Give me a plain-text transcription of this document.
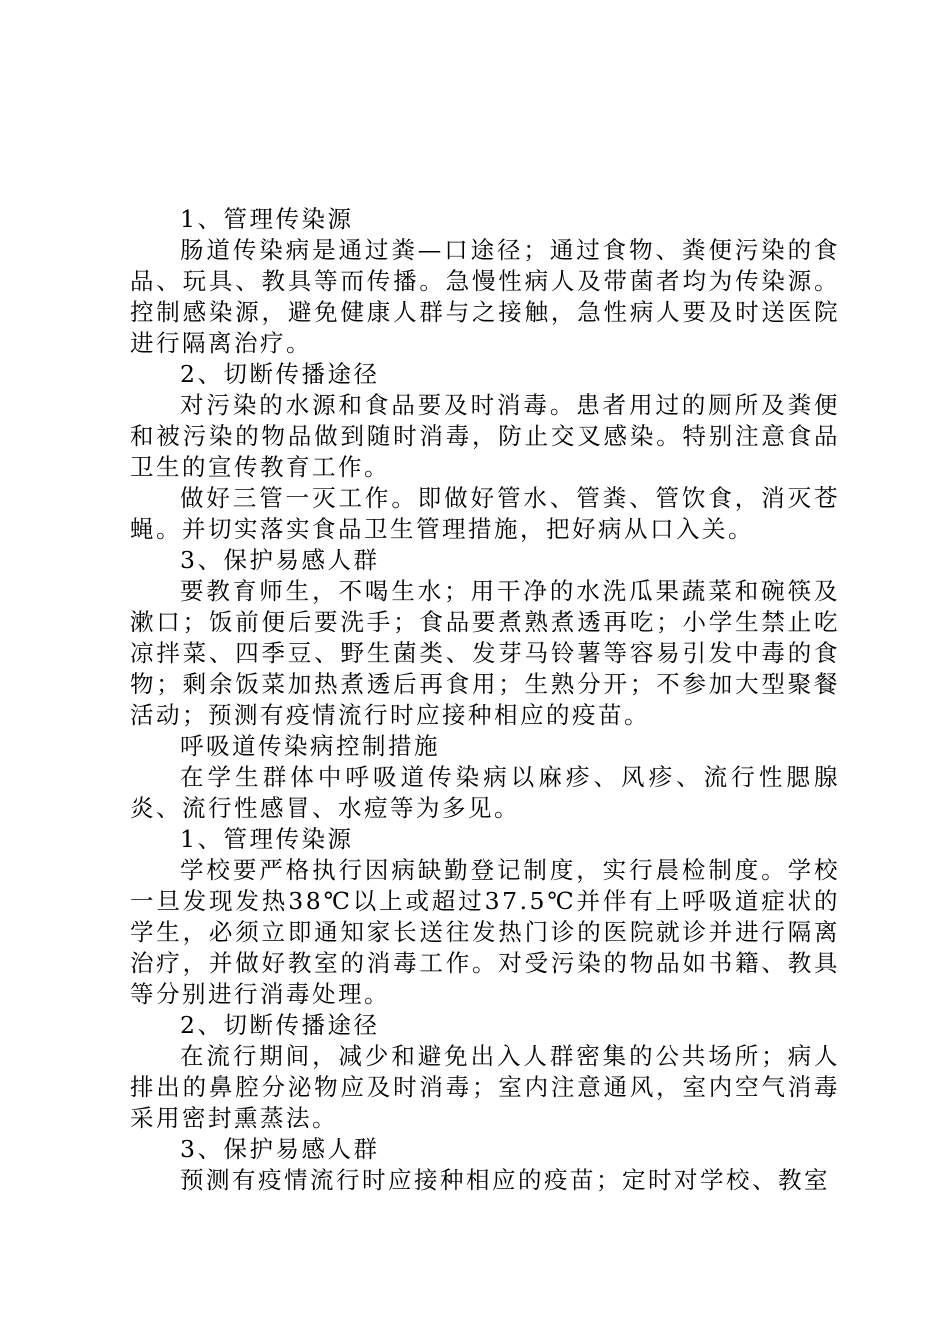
1、管理传染源

肠道传染病是通过粪—口途径；通过食物、粪便污染的食品、玩具、教具等而传播。急慢性病人及带菌者均为传染源。控制感染源，避免健康人群与之接触，急性病人要及时送医院进行隔离治疗。

2、切断传播途径

对污染的水源和食品要及时消毒。患者用过的厕所及粪便和被污染的物品做到随时消毒，防止交叉感染。特别注意食品卫生的宣传教育工作。

做好三管一灭工作。即做好管水、管粪、管饮食，消灭苍蝇。并切实落实食品卫生管理措施，把好病从口入关。

3、保护易感人群

要教育师生，不喝生水；用干净的水洗瓜果蔬菜和碗筷及漱口；饭前便后要洗手；食品要煮熟煮透再吃；小学生禁止吃凉拌菜、四季豆、野生菌类、发芽马铃薯等容易引发中毒的食物；剩余饭菜加热煮透后再食用；生熟分开；不参加大型聚餐活动；预测有疫情流行时应接种相应的疫苗。

呼吸道传染病控制措施

在学生群体中呼吸道传染病以麻疹、风疹、流行性腮腺炎、流行性感冒、水痘等为多见。

1、管理传染源

学校要严格执行因病缺勤登记制度，实行晨检制度。学校一旦发现发热38℃以上或超过37.5℃并伴有上呼吸道症状的学生，必须立即通知家长送往发热门诊的医院就诊并进行隔离治疗，并做好教室的消毒工作。对受污染的物品如书籍、教具等分别进行消毒处理。

2、切断传播途径

在流行期间，减少和避免出入人群密集的公共场所；病人排出的鼻腔分泌物应及时消毒；室内注意通风，室内空气消毒采用密封熏蒸法。

3、保护易感人群

预测有疫情流行时应接种相应的疫苗；定时对学校、教室
